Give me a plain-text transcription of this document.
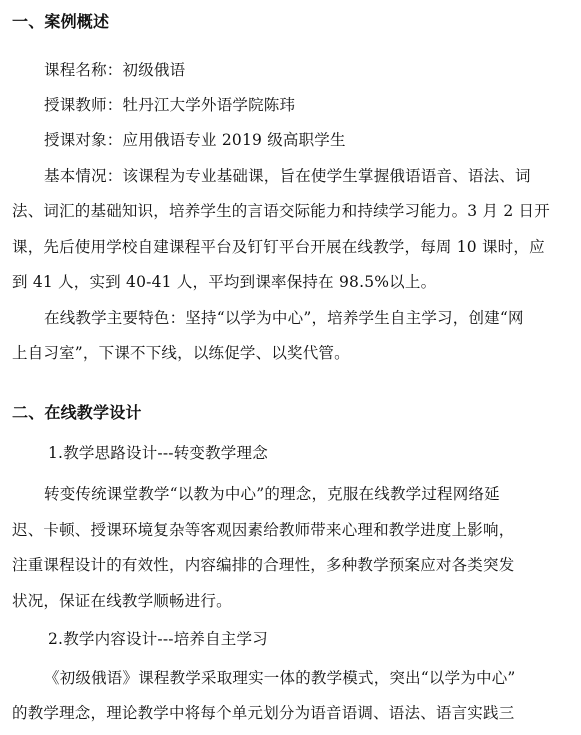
一、案例概述
课程名称：初级俄语
授课教师：牡丹江大学外语学院陈玮
授课对象：应用俄语专业 2019 级高职学生
基本情况：该课程为专业基础课，旨在使学生掌握俄语语音、语法、词
法、词汇的基础知识，培养学生的言语交际能力和持续学习能力。3 月 2 日开
课，先后使用学校自建课程平台及钉钉平台开展在线教学，每周 10 课时，应
到 41 人，实到 40-41 人，平均到课率保持在 98.5%以上。
在线教学主要特色：坚持“以学为中心”，培养学生自主学习，创建“网
上自习室”，下课不下线，以练促学、以奖代管。
二、在线教学设计
1.教学思路设计---转变教学理念
转变传统课堂教学“以教为中心”的理念，克服在线教学过程网络延
迟、卡顿、授课环境复杂等客观因素给教师带来心理和教学进度上影响，
注重课程设计的有效性，内容编排的合理性，多种教学预案应对各类突发
状况，保证在线教学顺畅进行。
2.教学内容设计---培养自主学习
《初级俄语》课程教学采取理实一体的教学模式，突出“以学为中心”
的教学理念，理论教学中将每个单元划分为语音语调、语法、语言实践三
